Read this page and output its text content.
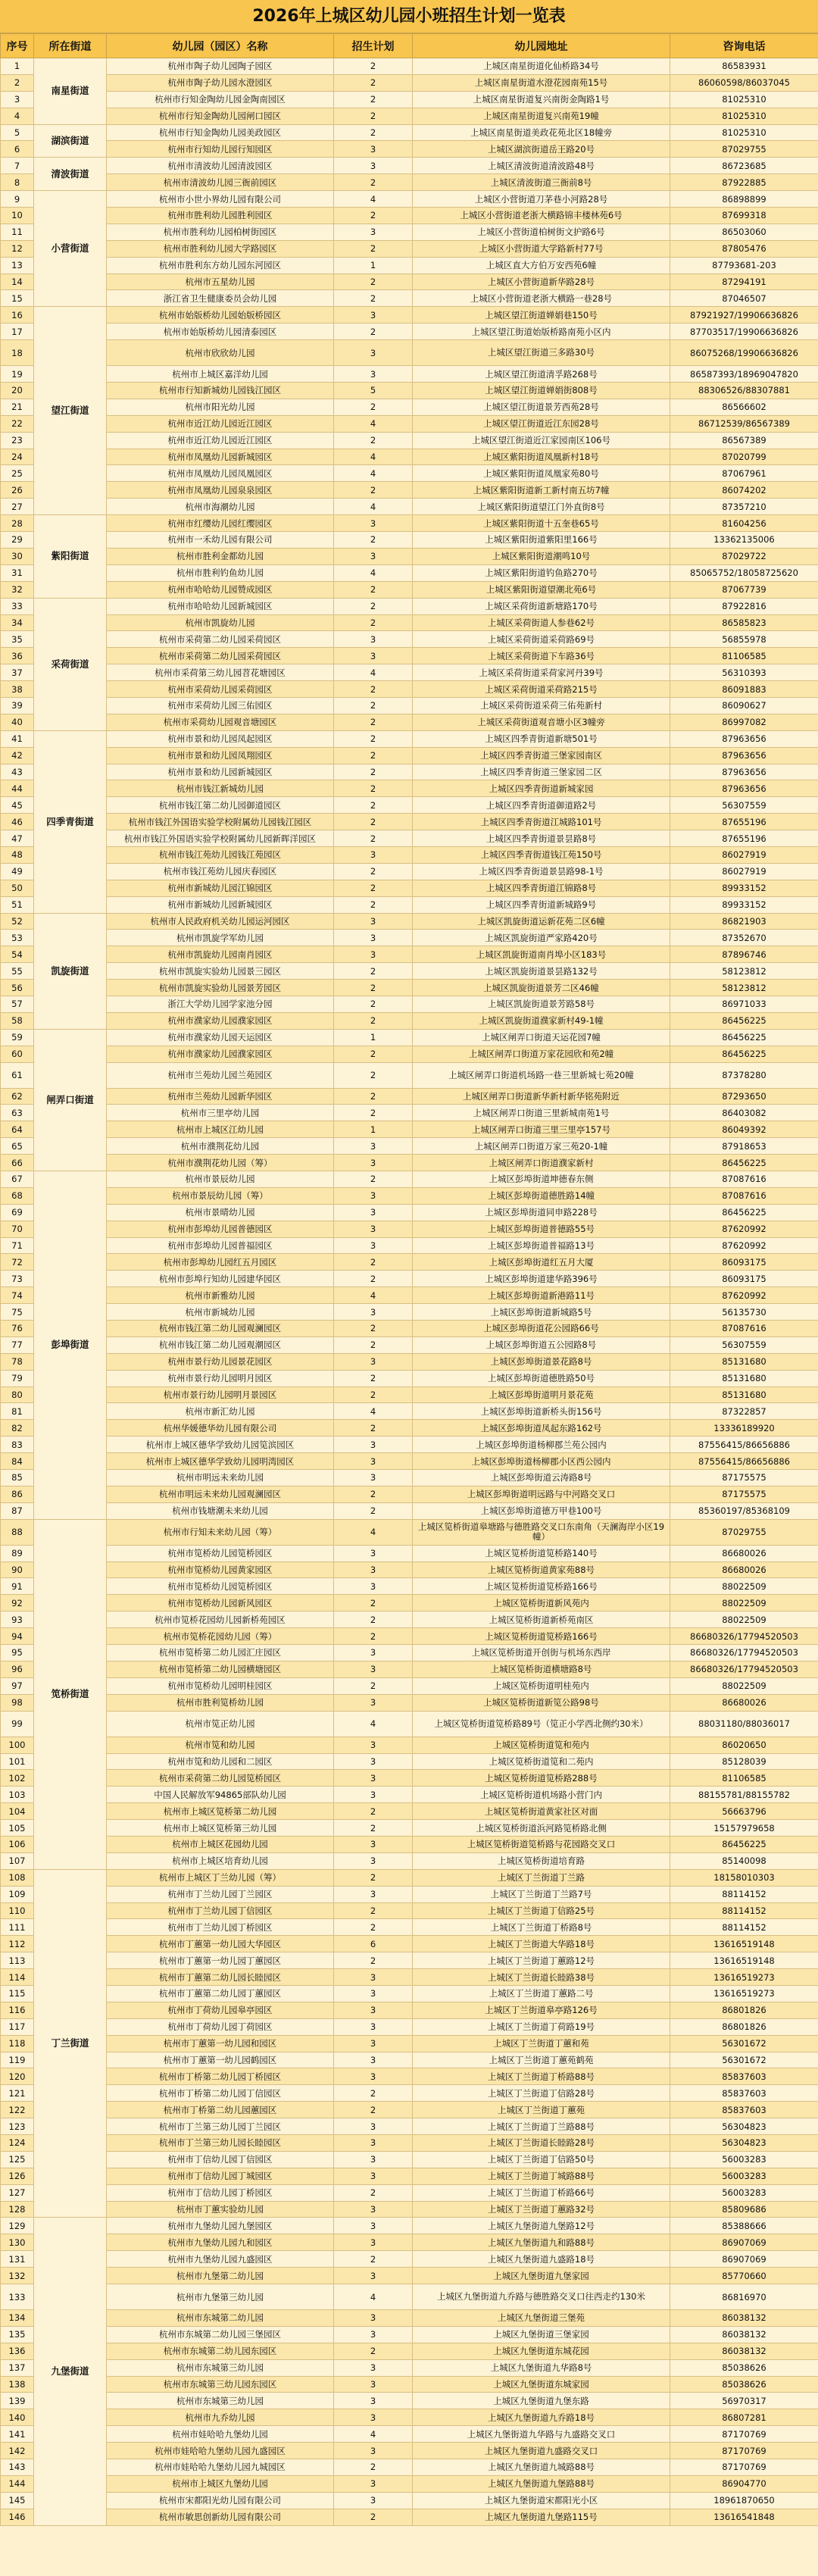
2026年上城区幼儿园小班招生计划一览表
序号	所在街道	幼儿园（园区）名称	招生计划	幼儿园地址	咨询电话
1	南星街道	杭州市陶子幼儿园陶子园区	2	上城区南星街道化仙桥路34号	86583931
2		杭州市陶子幼儿园水澄园区	2	上城区南星街道水澄花园南苑15号	86060598/86037045
3		杭州市行知金陶幼儿园金陶南园区	2	上城区南星街道复兴南街金陶路1号	81025310
4		杭州市行知金陶幼儿园闸口园区	2	上城区南星街道复兴南苑19幢	81025310
5	湖滨街道	杭州市行知金陶幼儿园美政园区	2	上城区南星街道美政花苑北区18幢旁	81025310
6		杭州市行知幼儿园行知园区	3	上城区湖滨街道岳王路20号	87029755
7	清波街道	杭州市清波幼儿园清波园区	3	上城区清波街道清波路48号	86723685
8		杭州市清波幼儿园三衙前园区	2	上城区清波街道三衙前8号	87922885
9	小营街道	杭州市小世小界幼儿园有限公司	4	上城区小营街道刀茅巷小河路28号	86898899
10		杭州市胜利幼儿园胜利园区	2	上城区小营街道老浙大横路锦丰楼林苑6号	87699318
11		杭州市胜利幼儿园柏树街园区	3	上城区小营街道柏树街文护路6号	86503060
12		杭州市胜利幼儿园大学路园区	2	上城区小营街道大学路新村77号	87805476
13		杭州市胜利东方幼儿园东河园区	1	上城区直大方伯万安西苑6幢	87793681-203
14		杭州市五星幼儿园	2	上城区小营街道新华路28号	87294191
15		浙江省卫生健康委员会幼儿园	2	上城区小营街道老浙大横路一巷28号	87046507
16	望江街道	杭州市始版桥幼儿园始版桥园区	3	上城区望江街道婵娟巷150号	87921927/19906636826
17		杭州市始版桥幼儿园清泰园区	2	上城区望江街道始版桥路南苑小区内	87703517/19906636826
18		杭州市欣欣幼儿园	3	上城区望江街道三多路30号	86075268/19906636826
19		杭州市上城区嘉洋幼儿园	3	上城区望江街道清孚路268号	86587393/18969047820
20		杭州市行知新城幼儿园钱江园区	5	上城区望江街道婵娟街808号	88306526/88307881
21		杭州市阳光幼儿园	2	上城区望江街道景芳西苑28号	86566602
22		杭州市近江幼儿园近江园区	4	上城区望江街道近江东园28号	86712539/86567389
23		杭州市近江幼儿园近江园区	2	上城区望江街道近江家园南区106号	86567389
24		杭州市凤凰幼儿园新城园区	4	上城区紫阳街道凤凰新村18号	87020799
25		杭州市凤凰幼儿园凤凰园区	4	上城区紫阳街道凤凰家苑80号	87067961
26		杭州市凤凰幼儿园泉泉园区	2	上城区紫阳街道新工新村南五坊7幢	86074202
27		杭州市海潮幼儿园	4	上城区紫阳街道望江门外直街8号	87357210
28	紫阳街道	杭州市红缨幼儿园红缨园区	3	上城区紫阳街道十五奎巷65号	81604256
29		杭州市一禾幼儿园有限公司	2	上城区紫阳街道紫阳里166号	13362135006
30		杭州市胜利金都幼儿园	3	上城区紫阳街道潮鸣10号	87029722
31		杭州市胜利钓鱼幼儿园	4	上城区紫阳街道钓鱼路270号	85065752/18058725620
32		杭州市哈哈幼儿园赞成园区	2	上城区紫阳街道望潮北苑6号	87067739
33	采荷街道	杭州市哈哈幼儿园新城园区	2	上城区采荷街道新塘路170号	87922816
34		杭州市凯旋幼儿园	2	上城区采荷街道人参巷62号	86585823
35		杭州市采荷第二幼儿园采荷园区	3	上城区采荷街道采荷路69号	56855978
36		杭州市采荷第二幼儿园采荷园区	3	上城区采荷街道下车路36号	81106585
37		杭州市采荷第三幼儿园苕花塘园区	4	上城区采荷街道采荷家河丹39号	56310393
38		杭州市采荷幼儿园采荷园区	2	上城区采荷街道采荷路215号	86091883
39		杭州市采荷幼儿园三佑园区	2	上城区采荷街道采荷三佑苑新村	86090627
40		杭州市采荷幼儿园观音塘园区	2	上城区采荷街道观音塘小区3幢旁	86997082
41	四季青街道	杭州市景和幼儿园凤起园区	2	上城区四季青街道新塘501号	87963656
42		杭州市景和幼儿园凤翔园区	2	上城区四季青街道三堡家园南区	87963656
43		杭州市景和幼儿园新城园区	2	上城区四季青街道三堡家园二区	87963656
44		杭州市钱江新城幼儿园	2	上城区四季青街道新城家园	87963656
45		杭州市钱江第二幼儿园御道园区	2	上城区四季青街道御道路2号	56307559
46		杭州市钱江外国语实验学校附属幼儿园钱江园区	2	上城区四季青街道江城路101号	87655196
47		杭州市钱江外国语实验学校附属幼儿园新晖洋园区	2	上城区四季青街道景昙路8号	87655196
48		杭州市钱江苑幼儿园钱江苑园区	3	上城区四季青街道钱江苑150号	86027919
49		杭州市钱江苑幼儿园庆春园区	2	上城区四季青街道景昙路98-1号	86027919
50		杭州市新城幼儿园江锦园区	2	上城区四季青街道江锦路8号	89933152
51		杭州市新城幼儿园新城园区	2	上城区四季青街道新城路9号	89933152
52	凯旋街道	杭州市人民政府机关幼儿园运河园区	3	上城区凯旋街道运新花苑二区6幢	86821903
53		杭州市凯旋学军幼儿园	3	上城区凯旋街道严家路420号	87352670
54		杭州市凯旋幼儿园南肖园区	3	上城区凯旋街道南肖埠小区183号	87896746
55		杭州市凯旋实验幼儿园景三园区	2	上城区凯旋街道景昙路132号	58123812
56		杭州市凯旋实验幼儿园景芳园区	2	上城区凯旋街道景芳二区46幢	58123812
57		浙江大学幼儿园学家池分园	2	上城区凯旋街道景芳路58号	86971033
58		杭州市濮家幼儿园濮家园区	2	上城区凯旋街道濮家新村49-1幢	86456225
59	闸弄口街道	杭州市濮家幼儿园天运园区	1	上城区闸弄口街道天运花园7幢	86456225
60		杭州市濮家幼儿园濮家园区	2	上城区闸弄口街道万家花园欣和苑2幢	86456225
61		杭州市兰苑幼儿园兰苑园区	2	上城区闸弄口街道机场路一巷三里新城七苑20幢	87378280
62		杭州市兰苑幼儿园新华园区	2	上城区闸弄口街道新华新村新华铭苑附近	87293650
63		杭州市三里亭幼儿园	2	上城区闸弄口街道三里新城南苑1号	86403082
64		杭州市上城区江幼儿园	1	上城区闸弄口街道三里三里亭157号	86049392
65		杭州市濮荆花幼儿园	3	上城区闸弄口街道万家三苑20-1幢	87918653
66		杭州市濮荆花幼儿园（筹）	3	上城区闸弄口街道濮家新村	86456225
67	彭埠街道	杭州市景辰幼儿园	2	上城区彭埠街道坤德春东侧	87087616
68		杭州市景辰幼儿园（筹）	3	上城区彭埠街道德胜路14幢	87087616
69		杭州市景晴幼儿园	3	上城区彭埠街道同申路228号	86456225
70		杭州市彭埠幼儿园普德园区	3	上城区彭埠街道普德路55号	87620992
71		杭州市彭埠幼儿园普福园区	3	上城区彭埠街道普福路13号	87620992
72		杭州市彭埠幼儿园红五月园区	2	上城区彭埠街道红五月大厦	86093175
73		杭州市彭埠行知幼儿园建华园区	2	上城区彭埠街道建华路396号	86093175
74		杭州市新雅幼儿园	4	上城区彭埠街道新港路11号	87620992
75		杭州市新城幼儿园	3	上城区彭埠街道新城路5号	56135730
76		杭州市钱江第二幼儿园观澜园区	2	上城区彭埠街道花公园路66号	87087616
77		杭州市钱江第二幼儿园观潮园区	2	上城区彭埠街道五公园路8号	56307559
78		杭州市景行幼儿园景花园区	3	上城区彭埠街道景花路8号	85131680
79		杭州市景行幼儿园明月园区	2	上城区彭埠街道德胜路50号	85131680
80		杭州市景行幼儿园明月景园区	2	上城区彭埠街道明月景花苑	85131680
81		杭州市新汇幼儿园	4	上城区彭埠街道新桥头街156号	87322857
82		杭州华媛德华幼儿园有限公司	2	上城区彭埠街道凤起东路162号	13336189920
83		杭州市上城区德华学致幼儿园笕滨园区	3	上城区彭埠街道杨柳郡兰苑公园内	87556415/86656886
84		杭州市上城区德华学致幼儿园明湾园区	3	上城区彭埠街道杨柳郡小区西公园内	87556415/86656886
85		杭州市明远未来幼儿园	3	上城区彭埠街道云涛路8号	87175575
86		杭州市明远未来幼儿园观澜园区	2	上城区彭埠街道明远路与中河路交叉口	87175575
87		杭州市钱塘潮未来幼儿园	2	上城区彭埠街道德万甲巷100号	85360197/85368109
88	笕桥街道	杭州市行知未来幼儿园（筹）	4	上城区笕桥街道皋塘路与德胜路交叉口东南角（天澜海岸小区19幢）	87029755
89		杭州市笕桥幼儿园笕桥园区	3	上城区笕桥街道笕桥路140号	86680026
90		杭州市笕桥幼儿园黄家园区	3	上城区笕桥街道黄家苑88号	86680026
91		杭州市笕桥幼儿园笕桥园区	3	上城区笕桥街道笕桥路166号	88022509
92		杭州市笕桥幼儿园新风园区	2	上城区笕桥街道新风苑内	88022509
93		杭州市笕桥花园幼儿园新桥苑园区	2	上城区笕桥街道新桥苑南区	88022509
94		杭州市笕桥花园幼儿园（筹）	2	上城区笕桥街道笕桥路166号	86680326/17794520503
95		杭州市笕桥第二幼儿园汇庄园区	3	上城区笕桥街道开创街与机场东西岸	86680326/17794520503
96		杭州市笕桥第二幼儿园横塘园区	3	上城区笕桥街道横塘路8号	86680326/17794520503
97		杭州市笕桥幼儿园明桂园区	2	上城区笕桥街道明桂苑内	88022509
98		杭州市胜利笕桥幼儿园	3	上城区笕桥街道新笕公路98号	86680026
99		杭州市笕正幼儿园	4	上城区笕桥街道笕桥路89号（笕正小学西北侧约30米）	88031180/88036017
100		杭州市笕和幼儿园	3	上城区笕桥街道笕和苑内	86020650
101		杭州市笕和幼儿园和二园区	3	上城区笕桥街道笕和二苑内	85128039
102		杭州市采荷第二幼儿园笕桥园区	3	上城区笕桥街道笕桥路288号	81106585
103		中国人民解放军94865部队幼儿园	3	上城区笕桥街道机场路小营门内	88155781/88155782
104		杭州市上城区笕桥第二幼儿园	2	上城区笕桥街道黄家社区对面	56663796
105		杭州市上城区笕桥第三幼儿园	2	上城区笕桥街道浜河路笕桥路北侧	15157979658
106		杭州市上城区花园幼儿园	3	上城区笕桥街道笕桥路与花园路交叉口	86456225
107		杭州市上城区培育幼儿园	3	上城区笕桥街道培育路	85140098
108	丁兰街道	杭州市上城区丁兰幼儿园（筹）	2	上城区丁兰街道丁兰路	18158010303
109		杭州市丁兰幼儿园丁兰园区	3	上城区丁兰街道丁兰路7号	88114152
110		杭州市丁兰幼儿园丁信园区	2	上城区丁兰街道丁信路25号	88114152
111		杭州市丁兰幼儿园丁桥园区	2	上城区丁兰街道丁桥路8号	88114152
112		杭州市丁蕙第一幼儿园大华园区	6	上城区丁兰街道大华路18号	13616519148
113		杭州市丁蕙第一幼儿园丁蕙园区	2	上城区丁兰街道丁蕙路12号	13616519148
114		杭州市丁蕙第二幼儿园长睦园区	3	上城区丁兰街道长睦路38号	13616519273
115		杭州市丁蕙第二幼儿园丁蕙园区	3	上城区丁兰街道丁蕙路二号	13616519273
116		杭州市丁荷幼儿园皋亭园区	3	上城区丁兰街道皋亭路126号	86801826
117		杭州市丁荷幼儿园丁荷园区	3	上城区丁兰街道丁荷路19号	86801826
118		杭州市丁蕙第一幼儿园和园区	3	上城区丁兰街道丁蕙和苑	56301672
119		杭州市丁蕙第一幼儿园鹤园区	3	上城区丁兰街道丁蕙苑鹤苑	56301672
120		杭州市丁桥第二幼儿园丁桥园区	3	上城区丁兰街道丁桥路88号	85837603
121		杭州市丁桥第二幼儿园丁信园区	2	上城区丁兰街道丁信路28号	85837603
122		杭州市丁桥第二幼儿园蕙园区	2	上城区丁兰街道丁蕙苑	85837603
123		杭州市丁兰第三幼儿园丁兰园区	3	上城区丁兰街道丁兰路88号	56304823
124		杭州市丁兰第三幼儿园长睦园区	3	上城区丁兰街道长睦路28号	56304823
125		杭州市丁信幼儿园丁信园区	3	上城区丁兰街道丁信路50号	56003283
126		杭州市丁信幼儿园丁城园区	3	上城区丁兰街道丁城路88号	56003283
127		杭州市丁信幼儿园丁桥园区	2	上城区丁兰街道丁桥路66号	56003283
128		杭州市丁蕙实验幼儿园	3	上城区丁兰街道丁蕙路32号	85809686
129	九堡街道	杭州市九堡幼儿园九堡园区	3	上城区九堡街道九堡路12号	85388666
130		杭州市九堡幼儿园九和园区	3	上城区九堡街道九和路88号	86907069
131		杭州市九堡幼儿园九盛园区	2	上城区九堡街道九盛路18号	86907069
132		杭州市九堡第二幼儿园	3	上城区九堡街道九堡家园	85770660
133		杭州市九堡第三幼儿园	4	上城区九堡街道九乔路与德胜路交叉口往西走约130米	86816970
134		杭州市东城第二幼儿园	3	上城区九堡街道三堡苑	86038132
135		杭州市东城第二幼儿园三堡园区	3	上城区九堡街道三堡家园	86038132
136		杭州市东城第二幼儿园东园区	2	上城区九堡街道东城花园	86038132
137		杭州市东城第三幼儿园	3	上城区九堡街道九华路8号	85038626
138		杭州市东城第三幼儿园东园区	3	上城区九堡街道东城家园	85038626
139		杭州市东城第三幼儿园	3	上城区九堡街道九堡东路	56970317
140		杭州市九乔幼儿园	3	上城区九堡街道九乔路18号	86807281
141		杭州市娃哈哈九堡幼儿园	4	上城区九堡街道九华路与九盛路交叉口	87170769
142		杭州市娃哈哈九堡幼儿园九盛园区	3	上城区九堡街道九盛路交叉口	87170769
143		杭州市娃哈哈九堡幼儿园九城园区	2	上城区九堡街道九城路88号	87170769
144		杭州市上城区九堡幼儿园	3	上城区九堡街道九堡路88号	86904770
145		杭州市宋都阳光幼儿园有限公司	3	上城区九堡街道宋都阳光小区	18961870650
146		杭州市敏思创新幼儿园有限公司	2	上城区九堡街道九堡路115号	13616541848
